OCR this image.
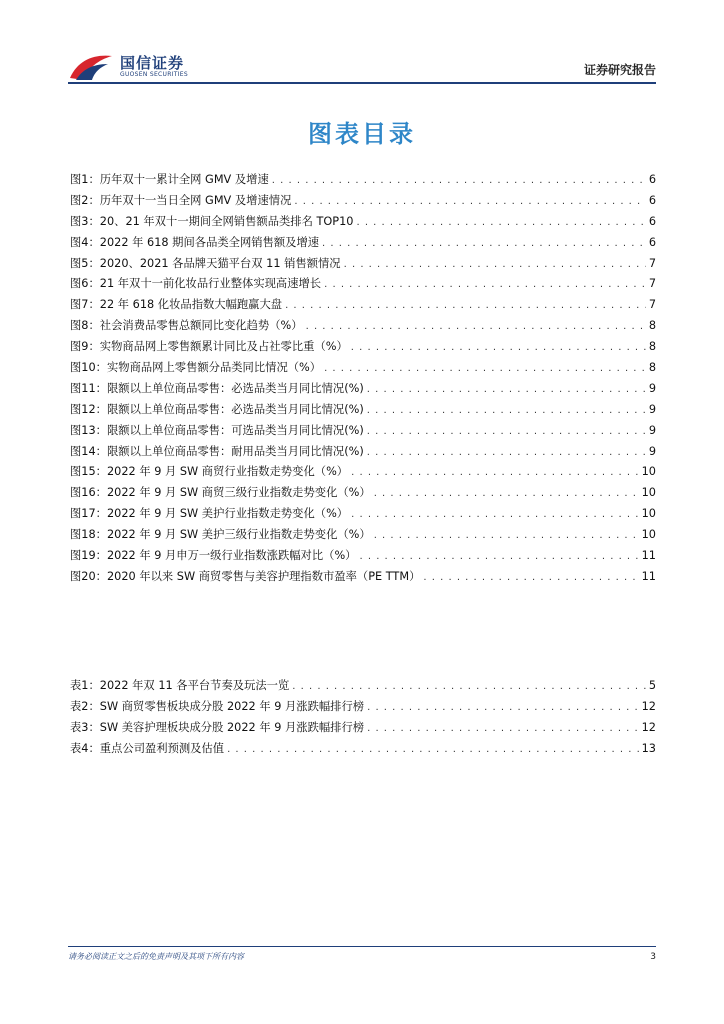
国信证券
GUOSEN SECURITIES	证券研究报告
图表目录
图1： 历年双十一累计全网 GMV 及增速 . . .	6
图2： 历年双十一当日全网 GMV 及增速情况 . . .	6
图3： 20、21 年双十一期间全网销售额品类排名 TOP10 . . .	6
图4： 2022 年 618 期间各品类全网销售额及增速 . . .	6
图5： 2020、2021 各品牌天猫平台双 11 销售额情况 . . .	7
图6： 21 年双十一前化妆品行业整体实现高速增长 . . .	7
图7： 22 年 618 化妆品指数大幅跑赢大盘 . . .	7
图8： 社会消费品零售总额同比变化趋势（%） . . .	8
图9： 实物商品网上零售额累计同比及占社零比重（%） . . .	8
图10： 实物商品网上零售额分品类同比情况（%） . . .	8
图11： 限额以上单位商品零售：必选品类当月同比情况(%) . . .	9
图12： 限额以上单位商品零售：必选品类当月同比情况(%) . . .	9
图13： 限额以上单位商品零售：可选品类当月同比情况(%) . . .	9
图14： 限额以上单位商品零售：耐用品类当月同比情况(%) . . .	9
图15： 2022 年 9 月 SW 商贸行业指数走势变化（%） . . .	10
图16： 2022 年 9 月 SW 商贸三级行业指数走势变化（%） . . .	10
图17： 2022 年 9 月 SW 美护行业指数走势变化（%） . . .	10
图18： 2022 年 9 月 SW 美护三级行业指数走势变化（%） . . .	10
图19： 2022 年 9 月申万一级行业指数涨跌幅对比（%） . . .	11
图20： 2020 年以来 SW 商贸零售与美容护理指数市盈率（PE TTM） . . .	11
表1： 2022 年双 11 各平台节奏及玩法一览 . . .	5
表2： SW 商贸零售板块成分股 2022 年 9 月涨跌幅排行榜 . . .	12
表3： SW 美容护理板块成分股 2022 年 9 月涨跌幅排行榜 . . .	12
表4： 重点公司盈利预测及估值 . . .	13
请务必阅读正文之后的免责声明及其项下所有内容	3
